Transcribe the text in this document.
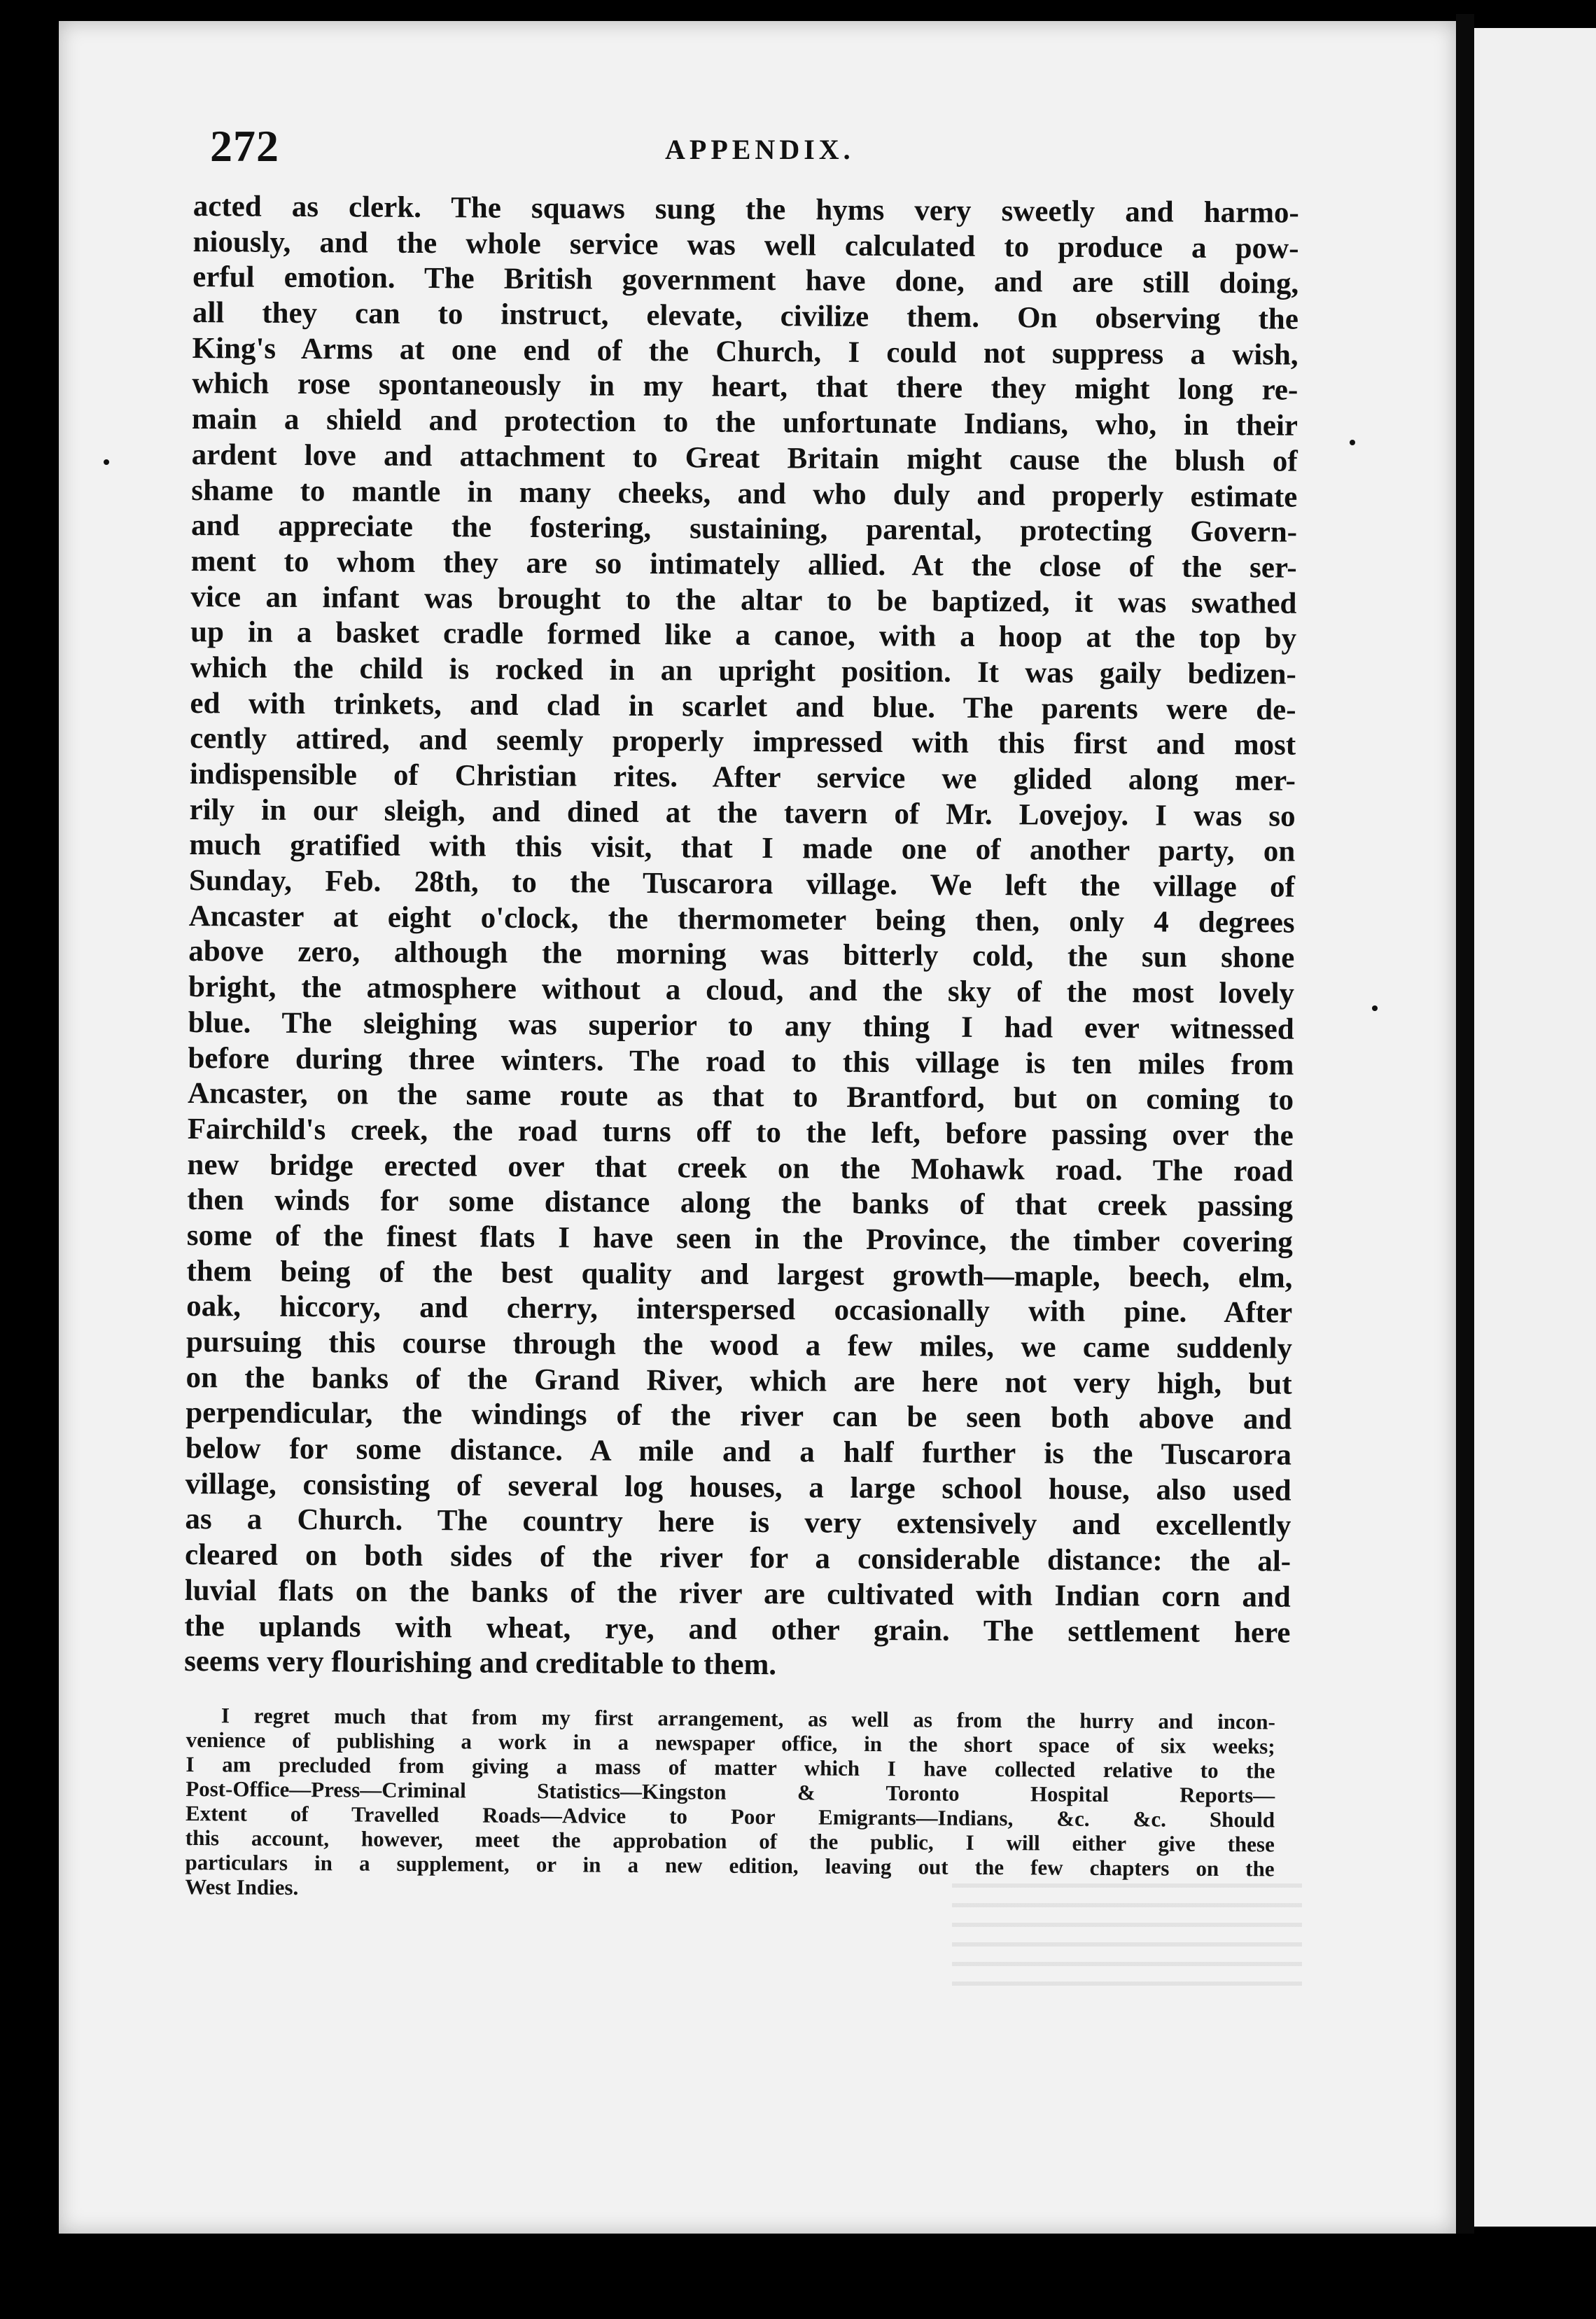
272	APPENDIX.
acted as clerk. The squaws sung the hyms very sweetly and harmo-
niously, and the whole service was well calculated to produce a pow-
erful emotion. The British government have done, and are still doing,
all they can to instruct, elevate, civilize them. On observing the
King's Arms at one end of the Church, I could not suppress a wish,
which rose spontaneously in my heart, that there they might long re-
main a shield and protection to the unfortunate Indians, who, in their
ardent love and attachment to Great Britain might cause the blush of
shame to mantle in many cheeks, and who duly and properly estimate
and appreciate the fostering, sustaining, parental, protecting Govern-
ment to whom they are so intimately allied. At the close of the ser-
vice an infant was brought to the altar to be baptized, it was swathed
up in a basket cradle formed like a canoe, with a hoop at the top by
which the child is rocked in an upright position. It was gaily bedizen-
ed with trinkets, and clad in scarlet and blue. The parents were de-
cently attired, and seemly properly impressed with this first and most
indispensible of Christian rites. After service we glided along mer-
rily in our sleigh, and dined at the tavern of Mr. Lovejoy. I was so
much gratified with this visit, that I made one of another party, on
Sunday, Feb. 28th, to the Tuscarora village. We left the village of
Ancaster at eight o'clock, the thermometer being then, only 4 degrees
above zero, although the morning was bitterly cold, the sun shone
bright, the atmosphere without a cloud, and the sky of the most lovely
blue. The sleighing was superior to any thing I had ever witnessed
before during three winters. The road to this village is ten miles from
Ancaster, on the same route as that to Brantford, but on coming to
Fairchild's creek, the road turns off to the left, before passing over the
new bridge erected over that creek on the Mohawk road. The road
then winds for some distance along the banks of that creek passing
some of the finest flats I have seen in the Province, the timber covering
them being of the best quality and largest growth—maple, beech, elm,
oak, hiccory, and cherry, interspersed occasionally with pine. After
pursuing this course through the wood a few miles, we came suddenly
on the banks of the Grand River, which are here not very high, but
perpendicular, the windings of the river can be seen both above and
below for some distance. A mile and a half further is the Tuscarora
village, consisting of several log houses, a large school house, also used
as a Church. The country here is very extensively and excellently
cleared on both sides of the river for a considerable distance: the al-
luvial flats on the banks of the river are cultivated with Indian corn and
the uplands with wheat, rye, and other grain. The settlement here
seems very flourishing and creditable to them.
I regret much that from my first arrangement, as well as from the hurry and incon-
venience of publishing a work in a newspaper office, in the short space of six weeks;
I am precluded from giving a mass of matter which I have collected relative to the
Post-Office—Press—Criminal Statistics—Kingston & Toronto Hospital Reports—
Extent of Travelled Roads—Advice to Poor Emigrants—Indians, &c. &c. Should
this account, however, meet the approbation of the public, I will either give these
particulars in a supplement, or in a new edition, leaving out the few chapters on the
West Indies.
